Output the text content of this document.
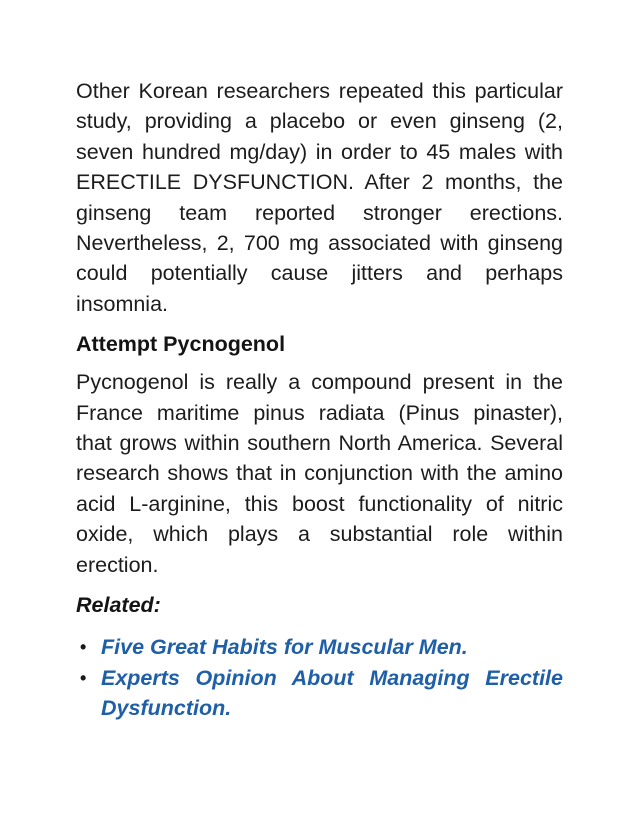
Other Korean researchers repeated this particular study, providing a placebo or even ginseng (2, seven hundred mg/day) in order to 45 males with ERECTILE DYSFUNCTION. After 2 months, the ginseng team reported stronger erections. Nevertheless, 2, 700 mg associated with ginseng could potentially cause jitters and perhaps insomnia.

Attempt Pycnogenol

Pycnogenol is really a compound present in the France maritime pinus radiata (Pinus pinaster), that grows within southern North America. Several research shows that in conjunction with the amino acid L-arginine, this boost functionality of nitric oxide, which plays a substantial role within erection.

Related:
• Five Great Habits for Muscular Men.
• Experts Opinion About Managing Erectile Dysfunction.
